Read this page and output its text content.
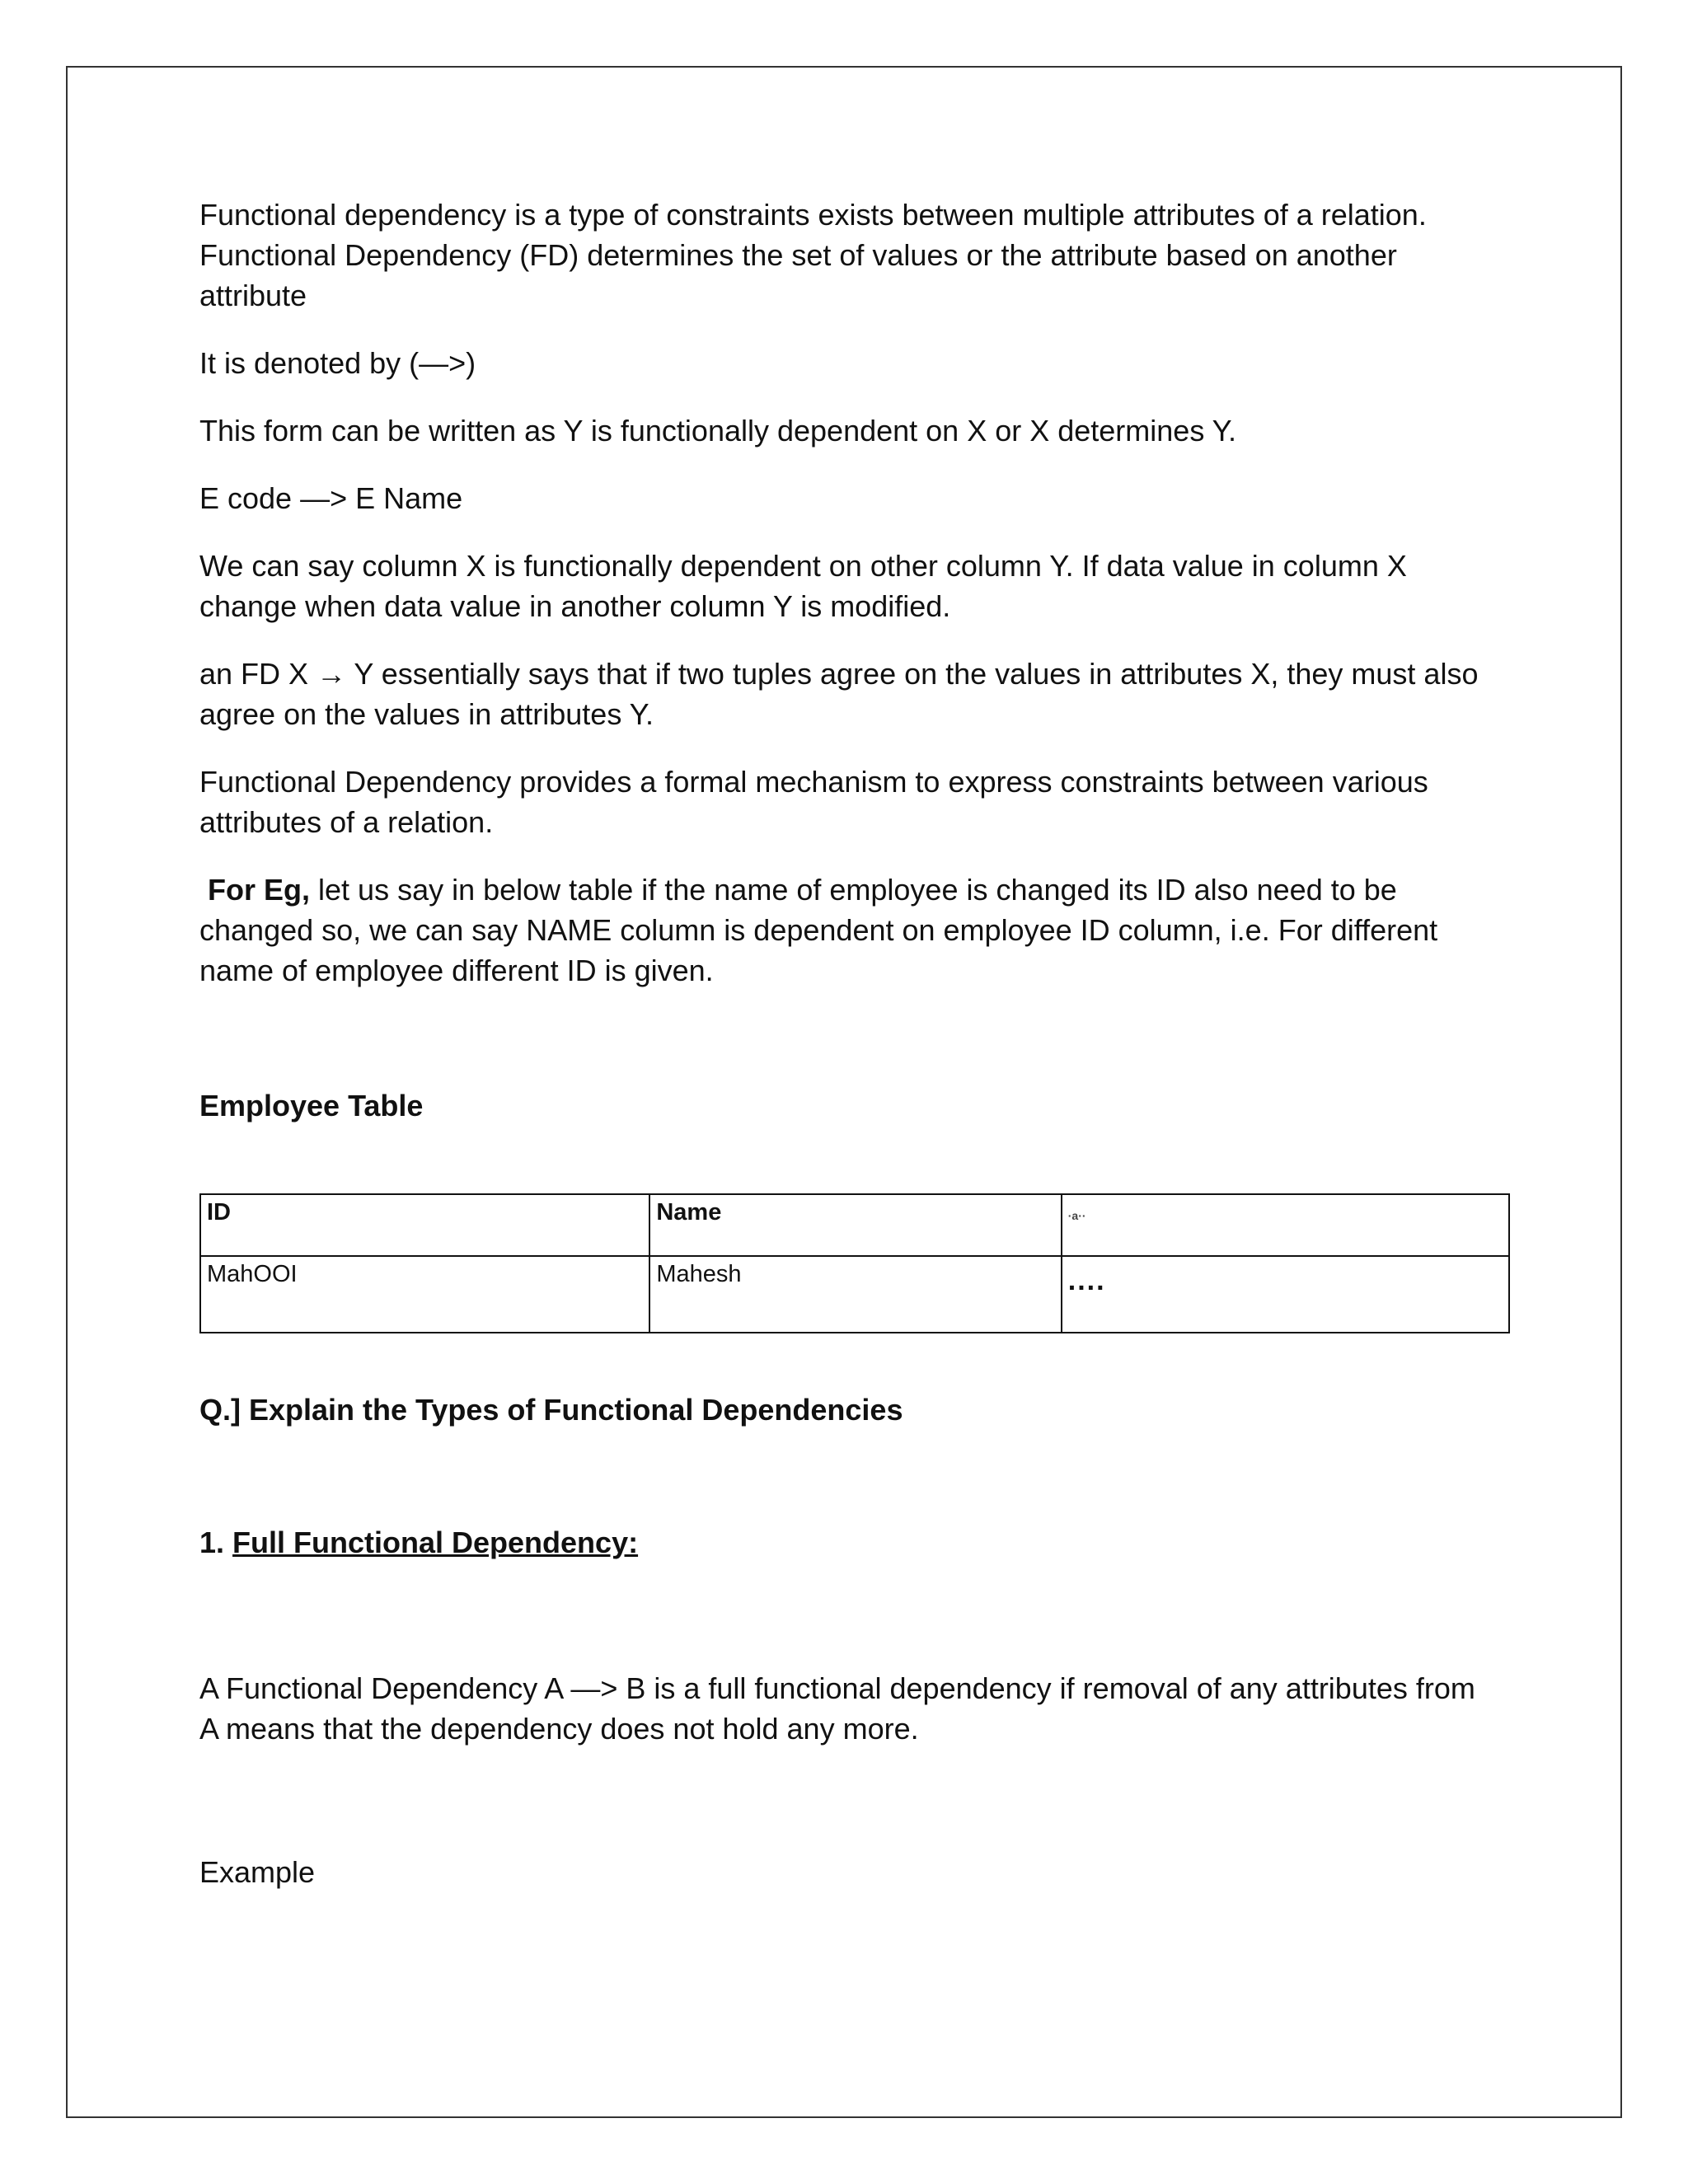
Functional dependency is a type of constraints exists between multiple attributes of a relation. Functional Dependency (FD) determines the set of values or the attribute based on another attribute

It is denoted by (—>)

This form can be written as Y is functionally dependent on X or X determines Y.

E code —> E Name

We can say column X is functionally dependent on other column Y. If data value in column X change when data value in another column Y is modified.

an FD X → Y essentially says that if two tuples agree on the values in attributes X, they must also agree on the values in attributes Y.

Functional Dependency provides a formal mechanism to express constraints between various attributes of a relation.

For Eg, let us say in below table if the name of employee is changed its ID also need to be changed so, we can say NAME column is dependent on employee ID column, i.e. For different name of employee different ID is given.

Employee Table

ID	Name	·a··
MahOOI	Mahesh	....

Q.] Explain the Types of Functional Dependencies

1. Full Functional Dependency:

A Functional Dependency A —> B is a full functional dependency if removal of any attributes from A means that the dependency does not hold any more.

Example
